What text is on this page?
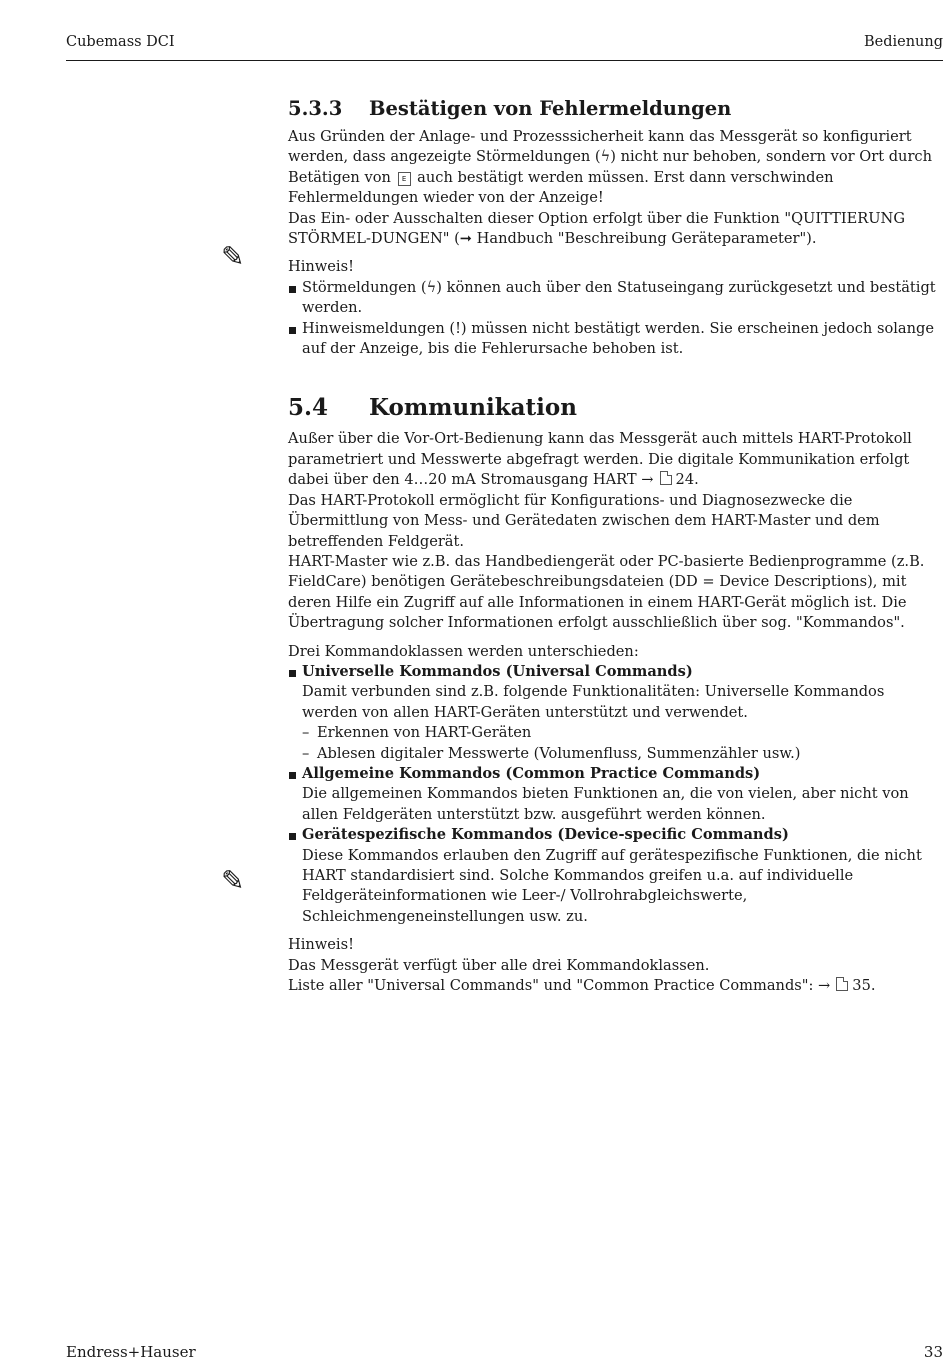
Cubemass DCI	Bedienung
✎
✎
5.3.3 Bestätigen von Fehlermeldungen

Aus Gründen der Anlage- und Prozesssicherheit kann das Messgerät so konfiguriert werden, dass angezeigte Störmeldungen (ϟ) nicht nur behoben, sondern vor Ort durch Betätigen von E auch bestätigt werden müssen. Erst dann verschwinden Fehlermeldungen wieder von der Anzeige!

Das Ein- oder Ausschalten dieser Option erfolgt über die Funktion "QUITTIERUNG STÖRMEL-DUNGEN" (➞ Handbuch "Beschreibung Geräteparameter").

Hinweis!

Störmeldungen (ϟ) können auch über den Statuseingang zurückgesetzt und bestätigt werden.
Hinweismeldungen (!) müssen nicht bestätigt werden. Sie erscheinen jedoch solange auf der Anzeige, bis die Fehlerursache behoben ist.
5.4 Kommunikation

Außer über die Vor-Ort-Bedienung kann das Messgerät auch mittels HART-Protokoll parametriert und Messwerte abgefragt werden. Die digitale Kommunikation erfolgt dabei über den 4…20 mA Stromausgang HART → 24.

Das HART-Protokoll ermöglicht für Konfigurations- und Diagnosezwecke die Übermittlung von Mess- und Gerätedaten zwischen dem HART-Master und dem betreffenden Feldgerät.

HART-Master wie z.B. das Handbediengerät oder PC-basierte Bedienprogramme (z.B. FieldCare) benötigen Gerätebeschreibungsdateien (DD = Device Descriptions), mit deren Hilfe ein Zugriff auf alle Informationen in einem HART-Gerät möglich ist. Die Übertragung solcher Informationen erfolgt ausschließlich über sog. "Kommandos".

Drei Kommandoklassen werden unterschieden:

Universelle Kommandos (Universal Commands)
Damit verbunden sind z.B. folgende Funktionalitäten: Universelle Kommandos werden von allen HART-Geräten unterstützt und verwendet.
– Erkennen von HART-Geräten
– Ablesen digitaler Messwerte (Volumenfluss, Summenzähler usw.)
Allgemeine Kommandos (Common Practice Commands)
Die allgemeinen Kommandos bieten Funktionen an, die von vielen, aber nicht von allen Feldgeräten unterstützt bzw. ausgeführt werden können.
Gerätespezifische Kommandos (Device-specific Commands)
Diese Kommandos erlauben den Zugriff auf gerätespezifische Funktionen, die nicht HART standardisiert sind. Solche Kommandos greifen u.a. auf individuelle Feldgeräteinformationen wie Leer-/ Vollrohrabgleichswerte, Schleichmengeneinstellungen usw. zu.

Hinweis!

Das Messgerät verfügt über alle drei Kommandoklassen.

Liste aller "Universal Commands" und "Common Practice Commands": → 35.

Endress+Hauser	33
